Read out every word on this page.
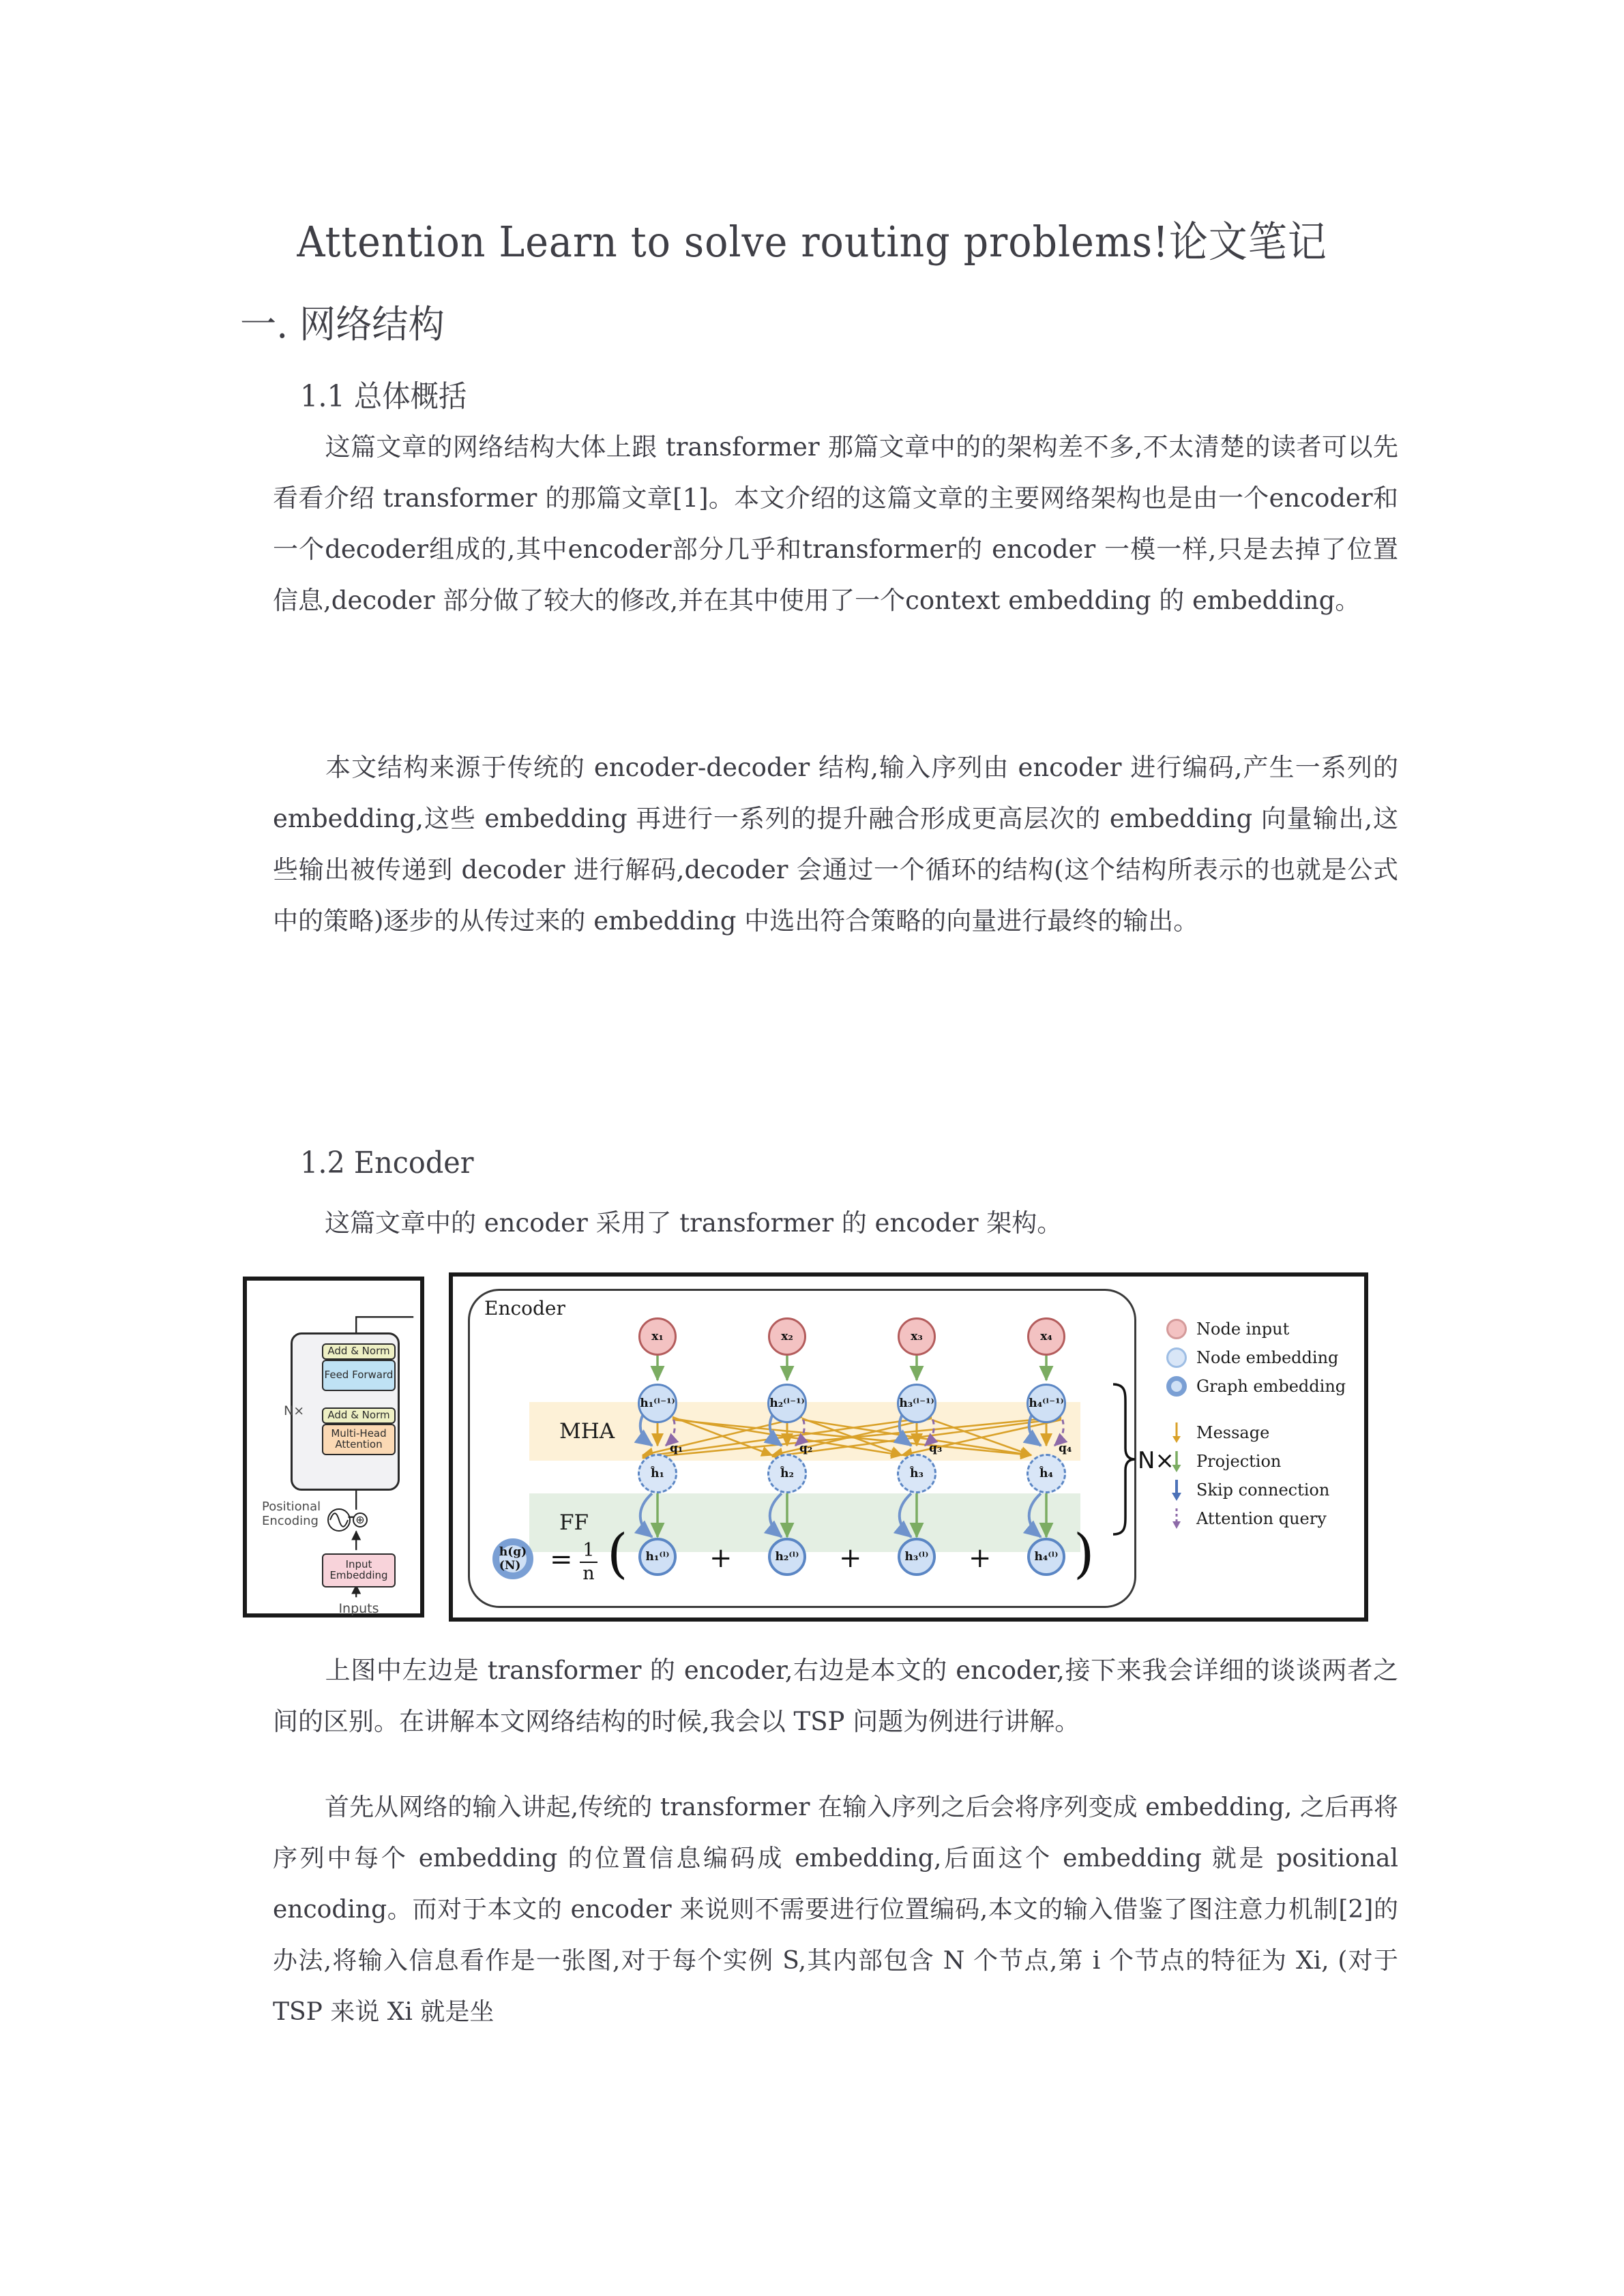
Attention Learn to solve routing problems!论文笔记
一. 网络结构
1.1 总体概括
这篇文章的网络结构大体上跟 transformer 那篇文章中的的架构差不多,不太清楚的读者可以先看看介绍 transformer 的那篇文章[1]。本文介绍的这篇文章的主要网络架构也是由一个encoder和一个decoder组成的,其中encoder部分几乎和transformer的 encoder 一模一样,只是去掉了位置信息,decoder 部分做了较大的修改,并在其中使用了一个context embedding 的 embedding。
本文结构来源于传统的 encoder-decoder 结构,输入序列由 encoder 进行编码,产生一系列的 embedding,这些 embedding 再进行一系列的提升融合形成更高层次的 embedding 向量输出,这些输出被传递到 decoder 进行解码,decoder 会通过一个循环的结构(这个结构所表示的也就是公式中的策略)逐步的从传过来的 embedding 中选出符合策略的向量进行最终的输出。
1.2 Encoder
这篇文章中的 encoder 采用了 transformer 的 encoder 架构。
Add & Norm
Feed Forward
Add & Norm
Multi-Head Attention
Input Embedding
N×
Positional Encoding
Inputs
⊕
Encoder
MHA
FF
x₁	x₂	x₃	x₄
h₁⁽ˡ⁻¹⁾	h₂⁽ˡ⁻¹⁾	h₃⁽ˡ⁻¹⁾	h₄⁽ˡ⁻¹⁾
q₁	q₂	q₃	q₄
ĥ₁	ĥ₂	ĥ₃	ĥ₄
h(g)(N)	= 1
n (	h₁⁽ˡ⁾ +	h₂⁽ˡ⁾ +	h₃⁽ˡ⁾ +	h₄⁽ˡ⁾ )
N×
Node input
Node embedding
Graph embedding
Message
Projection
Skip connection
Attention query
上图中左边是 transformer 的 encoder,右边是本文的 encoder,接下来我会详细的谈谈两者之间的区别。在讲解本文网络结构的时候,我会以 TSP 问题为例进行讲解。
首先从网络的输入讲起,传统的 transformer 在输入序列之后会将序列变成 embedding, 之后再将序列中每个 embedding 的位置信息编码成 embedding,后面这个 embedding 就是 positional encoding。而对于本文的 encoder 来说则不需要进行位置编码,本文的输入借鉴了图注意力机制[2]的办法,将输入信息看作是一张图,对于每个实例 S,其内部包含 N 个节点,第 i 个节点的特征为 Xi, (对于 TSP 来说 Xi 就是坐
